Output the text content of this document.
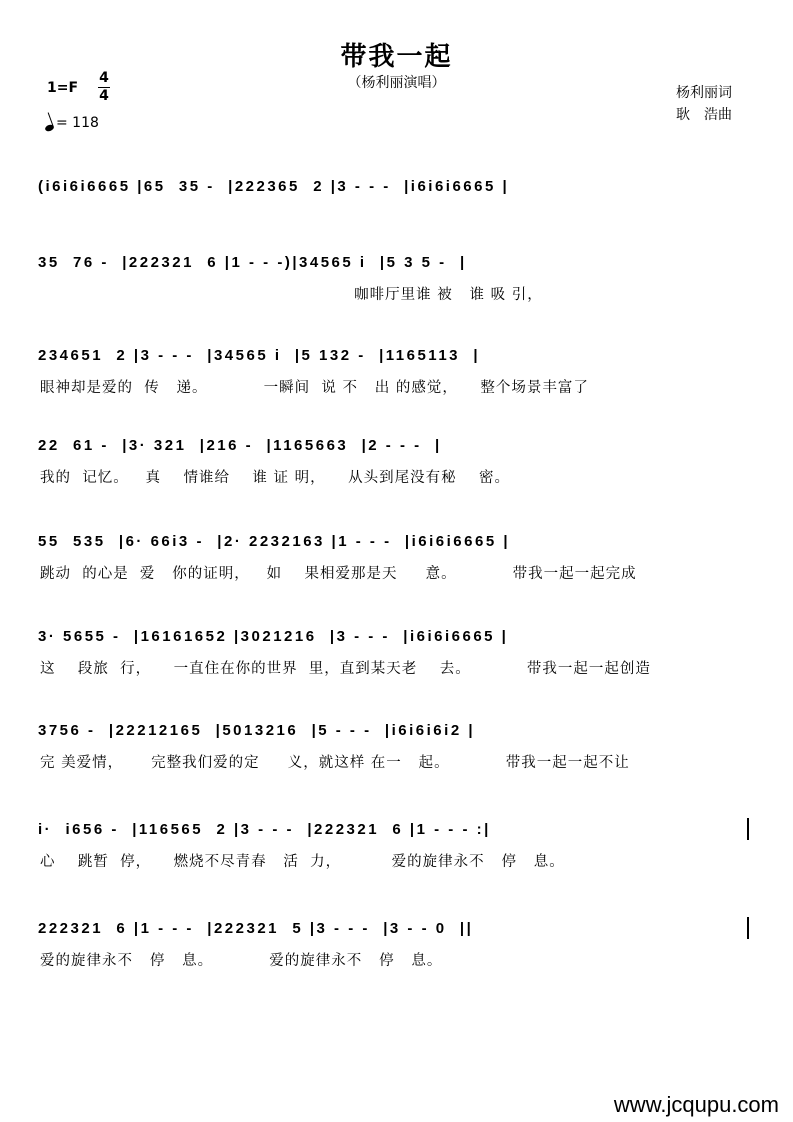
带我一起
（杨利丽演唱）
1=F
4
4
= 118
杨利丽词
耿　浩曲
(i6i6i6665 |65  35 -  |222365  2 |3 - - -  |i6i6i6665 |
35  76 -  |222321  6 |1 - - -)|34565 i  |5 3 5 -  |
咖啡厅里谁 被   谁 吸 引，
234651  2 |3 - - -  |34565 i  |5 132 -  |1165113  |
眼神却是爱的  传   递。          一瞬间  说 不   出 的感觉，    整个场景丰富了
22  61 -  |3· 321  |216 -  |1165663  |2 - - -  |
我的  记忆。   真    情谁给    谁 证 明，    从头到尾没有秘    密。
55  535  |6· 66i3 -  |2· 2232163 |1 - - -  |i6i6i6665 |
跳动  的心是  爱   你的证明，   如    果相爱那是天     意。          带我一起一起完成
3· 5655 -  |16161652 |3021216  |3 - - -  |i6i6i6665 |
这    段旅  行，    一直住在你的世界  里，直到某天老    去。          带我一起一起创造
3756 -  |22212165  |5013216  |5 - - -  |i6i6i6i2 |
完 美爱情，     完整我们爱的定     义，就这样 在一   起。          带我一起一起不让
i·  i656 -  |116565  2 |3 - - -  |222321  6 |1 - - - :|
心    跳暂  停，    燃烧不尽青春   活  力，         爱的旋律永不   停   息。
222321  6 |1 - - -  |222321  5 |3 - - -  |3 - - 0  ||
爱的旋律永不   停   息。          爱的旋律永不   停   息。
www.jcqupu.com
